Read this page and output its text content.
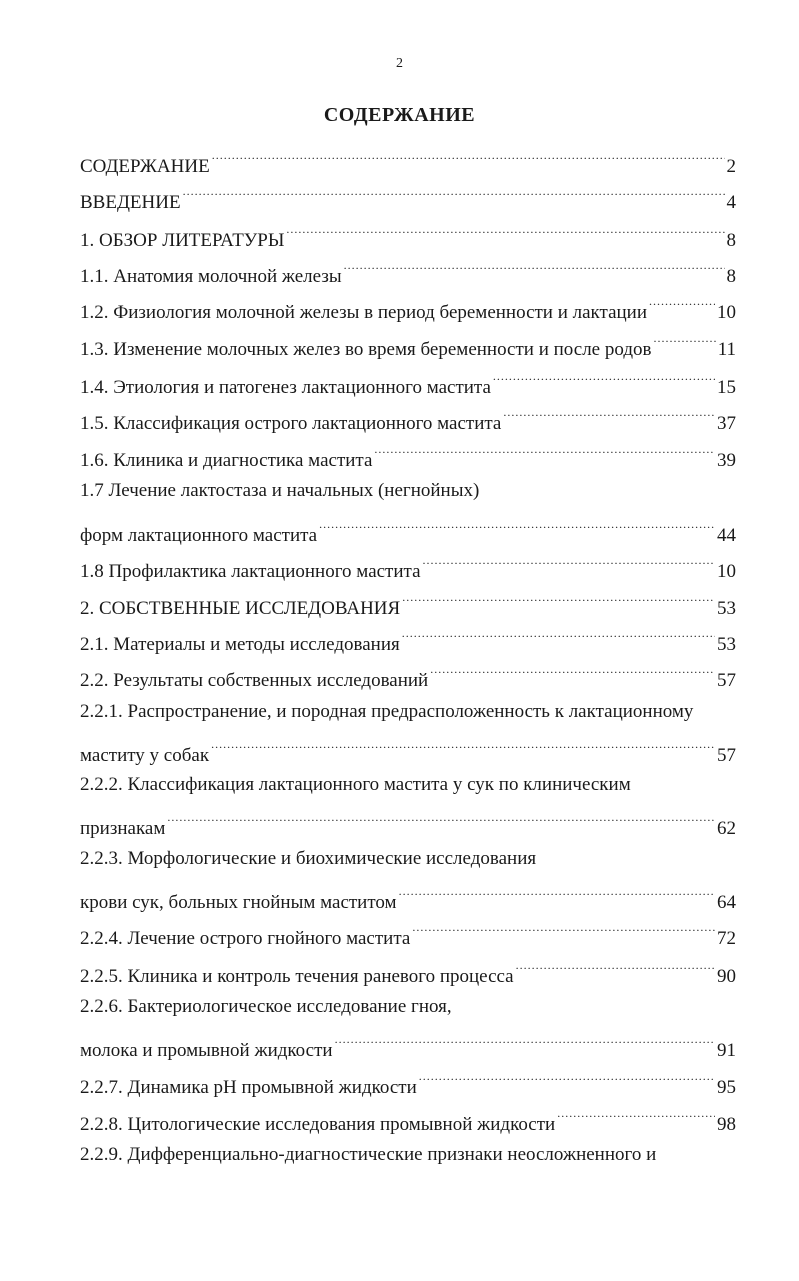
2
СОДЕРЖАНИЕ
СОДЕРЖАНИЕ .....	2
ВВЕДЕНИЕ .....	4
1. ОБЗОР ЛИТЕРАТУРЫ .....	8
1.1. Анатомия молочной железы .....	8
1.2. Физиология молочной железы в период беременности и лактации .....	10
1.3. Изменение молочных желез во время беременности и после родов .....	11
1.4. Этиология и патогенез лактационного мастита .....	15
1.5. Классификация острого лактационного мастита .....	37
1.6. Клиника и диагностика мастита .....	39
1.7 Лечение лактостаза и начальных (негнойных)
форм лактационного мастита .....	44
1.8 Профилактика лактационного мастита .....	10
2. СОБСТВЕННЫЕ ИССЛЕДОВАНИЯ .....	53
2.1. Материалы и методы исследования .....	53
2.2. Результаты собственных исследований .....	57
2.2.1. Распространение, и породная предрасположенность к лактационному
маститу у собак .....	57
2.2.2. Классификация лактационного мастита у сук по клиническим
признакам .....	62
2.2.3. Морфологические и биохимические исследования
крови сук, больных гнойным маститом .....	64
2.2.4. Лечение острого гнойного мастита .....	72
2.2.5. Клиника и контроль течения раневого процесса .....	90
2.2.6. Бактериологическое исследование гноя,
молока и промывной жидкости .....	91
2.2.7. Динамика pH промывной жидкости .....	95
2.2.8. Цитологические исследования промывной жидкости .....	98
2.2.9. Дифференциально-диагностические признаки неосложненного и
